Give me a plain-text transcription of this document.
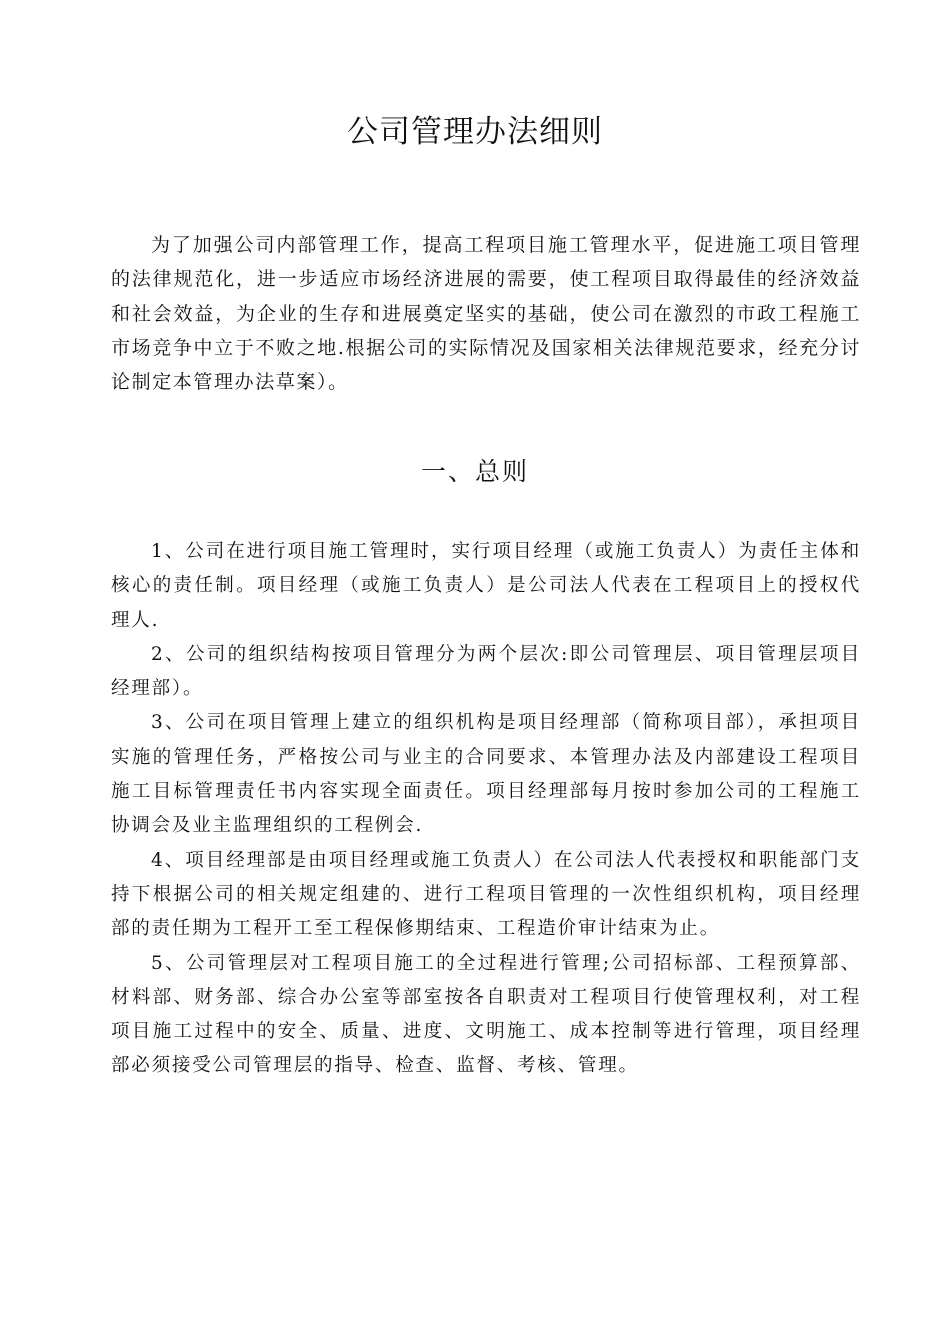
公司管理办法细则

为了加强公司内部管理工作，提高工程项目施工管理水平，促进施工项目管理的法律规范化，进一步适应市场经济进展的需要，使工程项目取得最佳的经济效益和社会效益，为企业的生存和进展奠定坚实的基础，使公司在激烈的市政工程施工市场竞争中立于不败之地.根据公司的实际情况及国家相关法律规范要求，经充分讨论制定本管理办法草案）。

一、总则
1、公司在进行项目施工管理时，实行项目经理（或施工负责人）为责任主体和核心的责任制。项目经理（或施工负责人）是公司法人代表在工程项目上的授权代理人.
2、公司的组织结构按项目管理分为两个层次:即公司管理层、项目管理层项目经理部）。
3、公司在项目管理上建立的组织机构是项目经理部（简称项目部），承担项目实施的管理任务，严格按公司与业主的合同要求、本管理办法及内部建设工程项目施工目标管理责任书内容实现全面责任。项目经理部每月按时参加公司的工程施工协调会及业主监理组织的工程例会.
4、项目经理部是由项目经理或施工负责人）在公司法人代表授权和职能部门支持下根据公司的相关规定组建的、进行工程项目管理的一次性组织机构，项目经理部的责任期为工程开工至工程保修期结束、工程造价审计结束为止。
5、公司管理层对工程项目施工的全过程进行管理;公司招标部、工程预算部、材料部、财务部、综合办公室等部室按各自职责对工程项目行使管理权利，对工程项目施工过程中的安全、质量、进度、文明施工、成本控制等进行管理，项目经理部必须接受公司管理层的指导、检查、监督、考核、管理。
